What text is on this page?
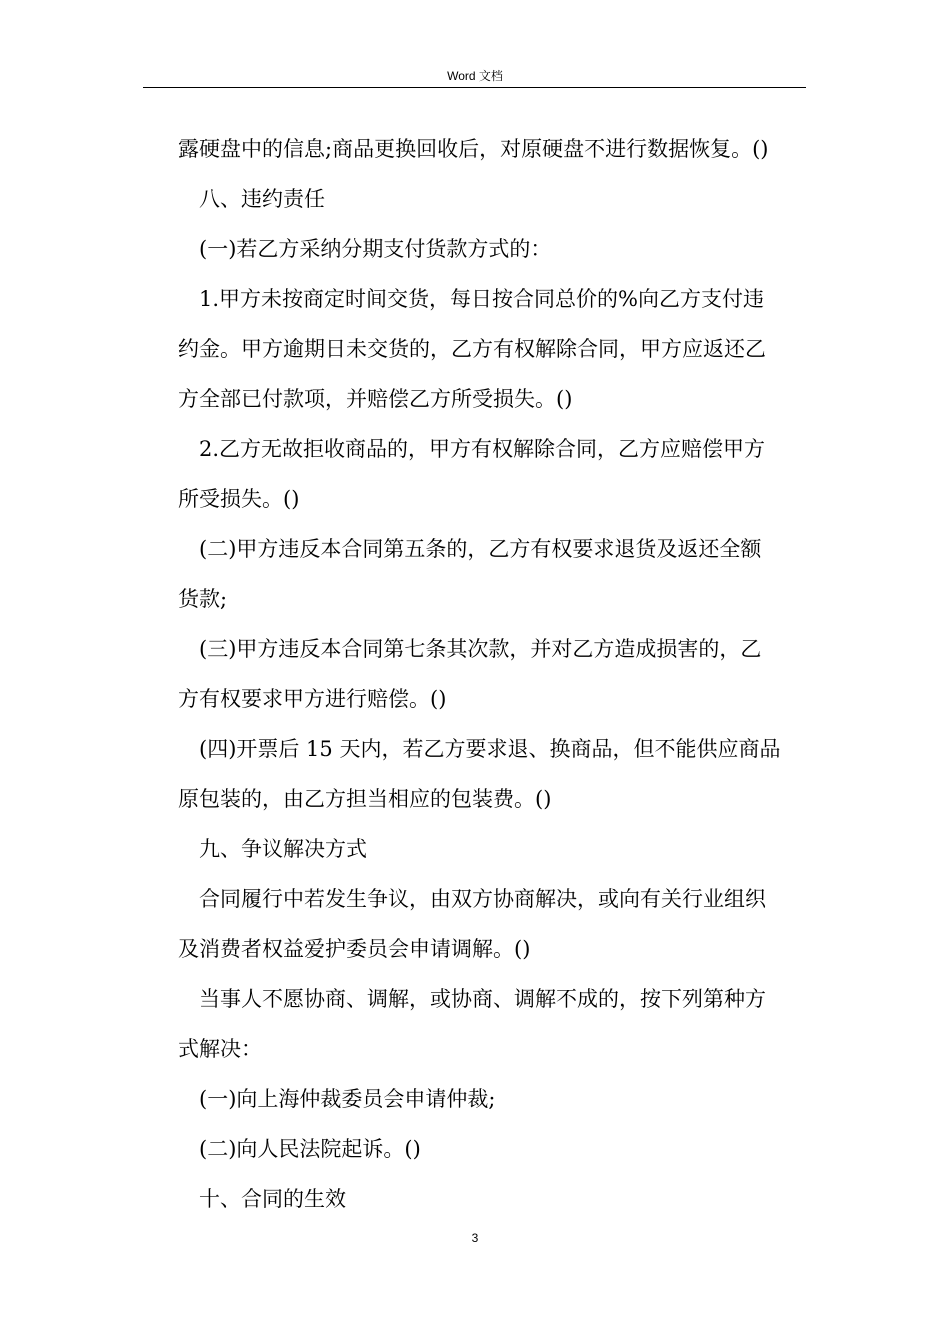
Word 文档
露硬盘中的信息;商品更换回收后，对原硬盘不进行数据恢复。()
八、违约责任
(一)若乙方采纳分期支付货款方式的：
1.甲方未按商定时间交货，每日按合同总价的%向乙方支付违
约金。甲方逾期日未交货的，乙方有权解除合同，甲方应返还乙
方全部已付款项，并赔偿乙方所受损失。()
2.乙方无故拒收商品的，甲方有权解除合同，乙方应赔偿甲方
所受损失。()
(二)甲方违反本合同第五条的，乙方有权要求退货及返还全额
货款;
(三)甲方违反本合同第七条其次款，并对乙方造成损害的，乙
方有权要求甲方进行赔偿。()
(四)开票后 15 天内，若乙方要求退、换商品，但不能供应商品
原包装的，由乙方担当相应的包装费。()
九、争议解决方式
合同履行中若发生争议，由双方协商解决，或向有关行业组织
及消费者权益爱护委员会申请调解。()
当事人不愿协商、调解，或协商、调解不成的，按下列第种方
式解决：
(一)向上海仲裁委员会申请仲裁;
(二)向人民法院起诉。()
十、合同的生效
3
